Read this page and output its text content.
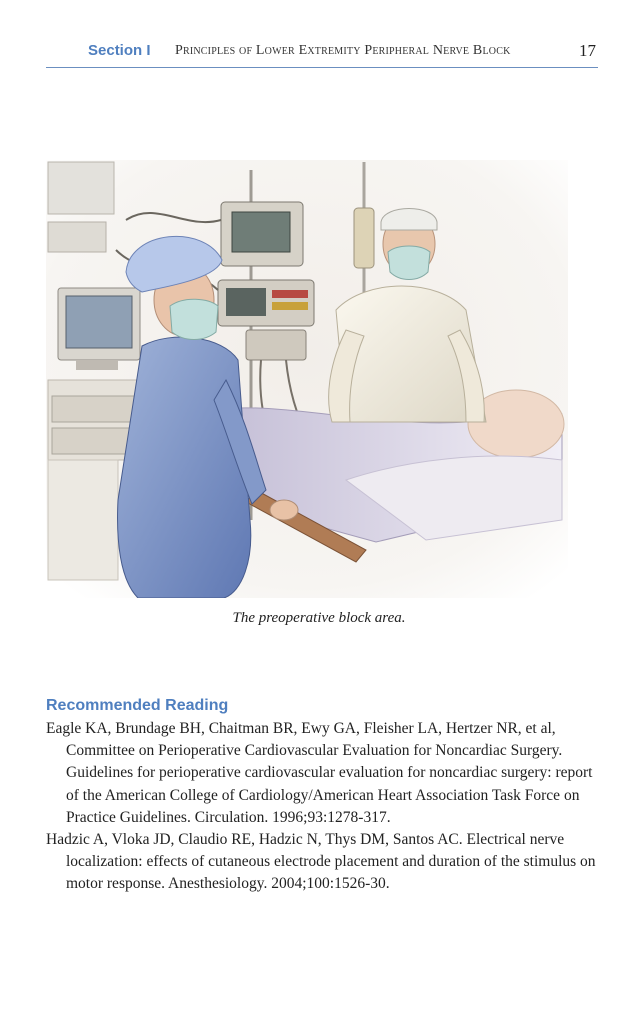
Section I Principles of Lower Extremity Peripheral Nerve Block	17
The preoperative block area.
Recommended Reading

Eagle KA, Brundage BH, Chaitman BR, Ewy GA, Fleisher LA, Hertzer NR, et al, Committee on Perioperative Cardiovascular Evaluation for Noncardiac Surgery. Guidelines for perioperative cardiovascular evaluation for noncardiac surgery: report of the American College of Cardiology/American Heart Association Task Force on Practice Guidelines. Circulation. 1996;93:1278-317.

Hadzic A, Vloka JD, Claudio RE, Hadzic N, Thys DM, Santos AC. Electrical nerve localization: effects of cutaneous electrode placement and duration of the stimulus on motor response. Anesthesiology. 2004;100:1526-30.
